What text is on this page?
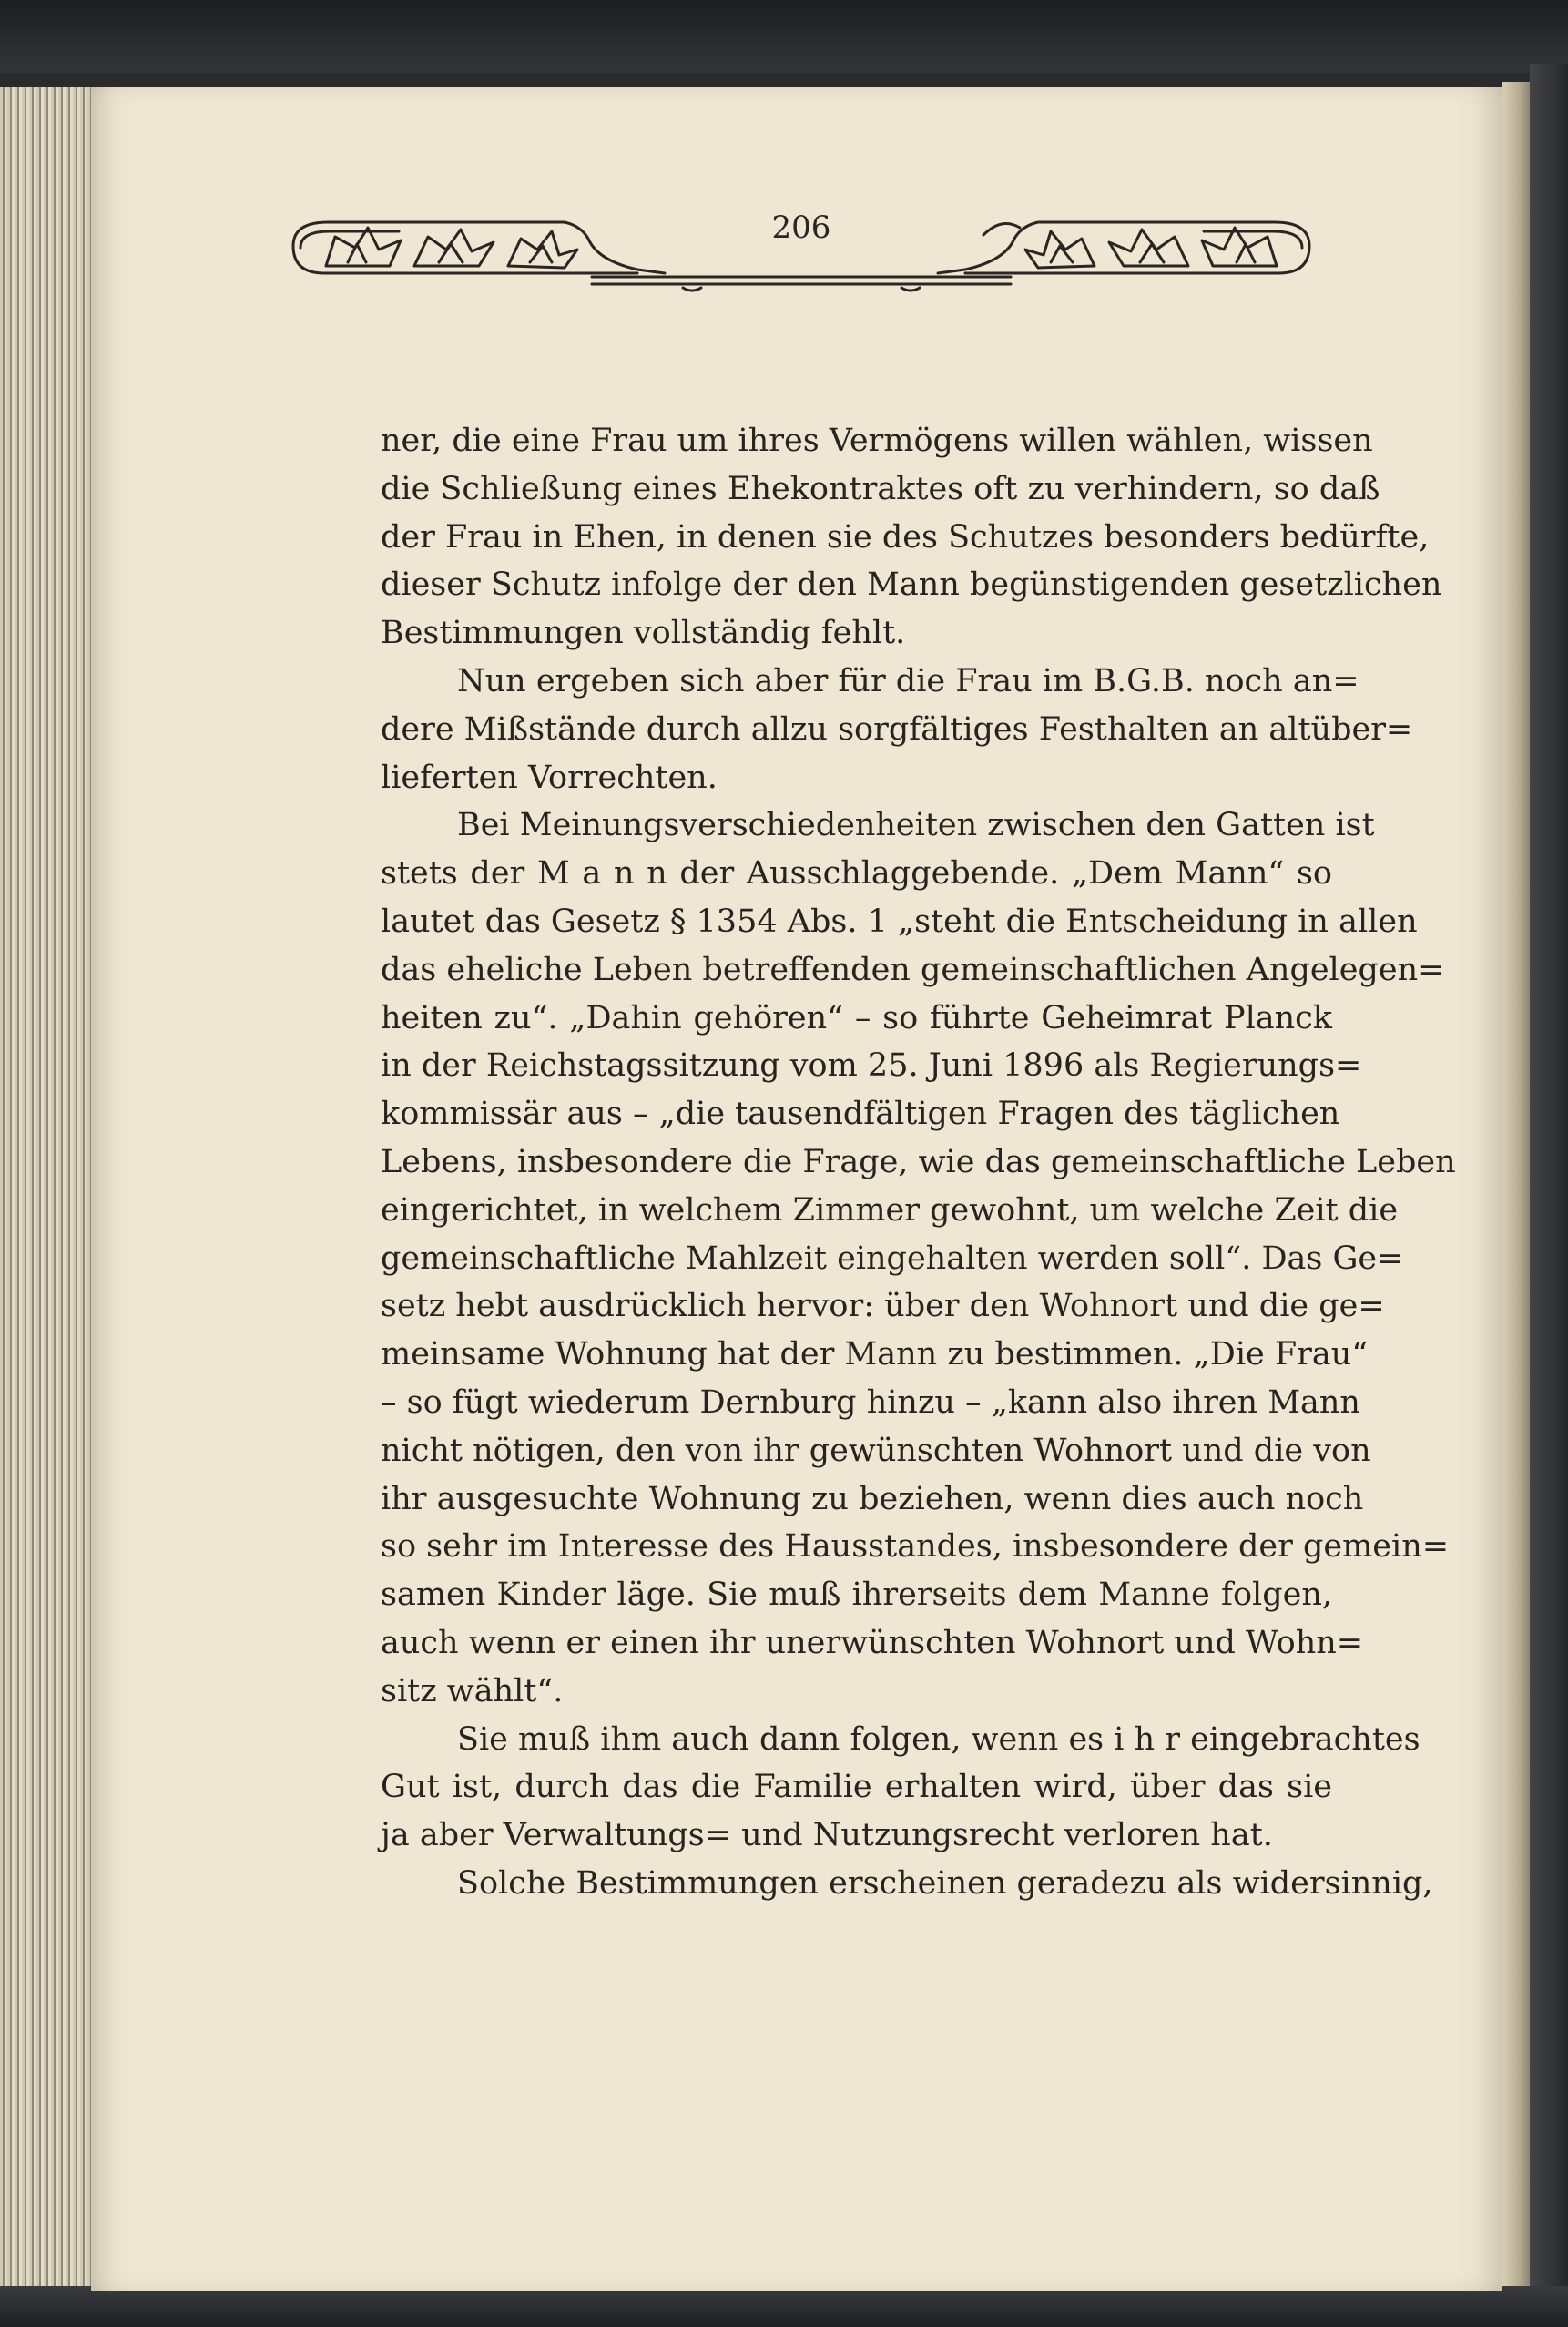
206
ner, die eine Frau um ihres Vermögens willen wählen, wissen
die Schließung eines Ehekontraktes oft zu verhindern, so daß
der Frau in Ehen, in denen sie des Schutzes besonders bedürfte,
dieser Schutz infolge der den Mann begünstigenden gesetzlichen
Bestimmungen vollständig fehlt.
Nun ergeben sich aber für die Frau im B.G.B. noch an=
dere Mißstände durch allzu sorgfältiges Festhalten an altüber=
lieferten Vorrechten.
Bei Meinungsverschiedenheiten zwischen den Gatten ist
stets der M a n n der Ausschlaggebende. „Dem Mann“ so
lautet das Gesetz § 1354 Abs. 1 „steht die Entscheidung in allen
das eheliche Leben betreffenden gemeinschaftlichen Angelegen=
heiten zu“. „Dahin gehören“ – so führte Geheimrat Planck
in der Reichstagssitzung vom 25. Juni 1896 als Regierungs=
kommissär aus – „die tausendfältigen Fragen des täglichen
Lebens, insbesondere die Frage, wie das gemeinschaftliche Leben
eingerichtet, in welchem Zimmer gewohnt, um welche Zeit die
gemeinschaftliche Mahlzeit eingehalten werden soll“. Das Ge=
setz hebt ausdrücklich hervor: über den Wohnort und die ge=
meinsame Wohnung hat der Mann zu bestimmen. „Die Frau“
– so fügt wiederum Dernburg hinzu – „kann also ihren Mann
nicht nötigen, den von ihr gewünschten Wohnort und die von
ihr ausgesuchte Wohnung zu beziehen, wenn dies auch noch
so sehr im Interesse des Hausstandes, insbesondere der gemein=
samen Kinder läge. Sie muß ihrerseits dem Manne folgen,
auch wenn er einen ihr unerwünschten Wohnort und Wohn=
sitz wählt“.
Sie muß ihm auch dann folgen, wenn es i h r eingebrachtes
Gut ist, durch das die Familie erhalten wird, über das sie
ja aber Verwaltungs= und Nutzungsrecht verloren hat.
Solche Bestimmungen erscheinen geradezu als widersinnig,
